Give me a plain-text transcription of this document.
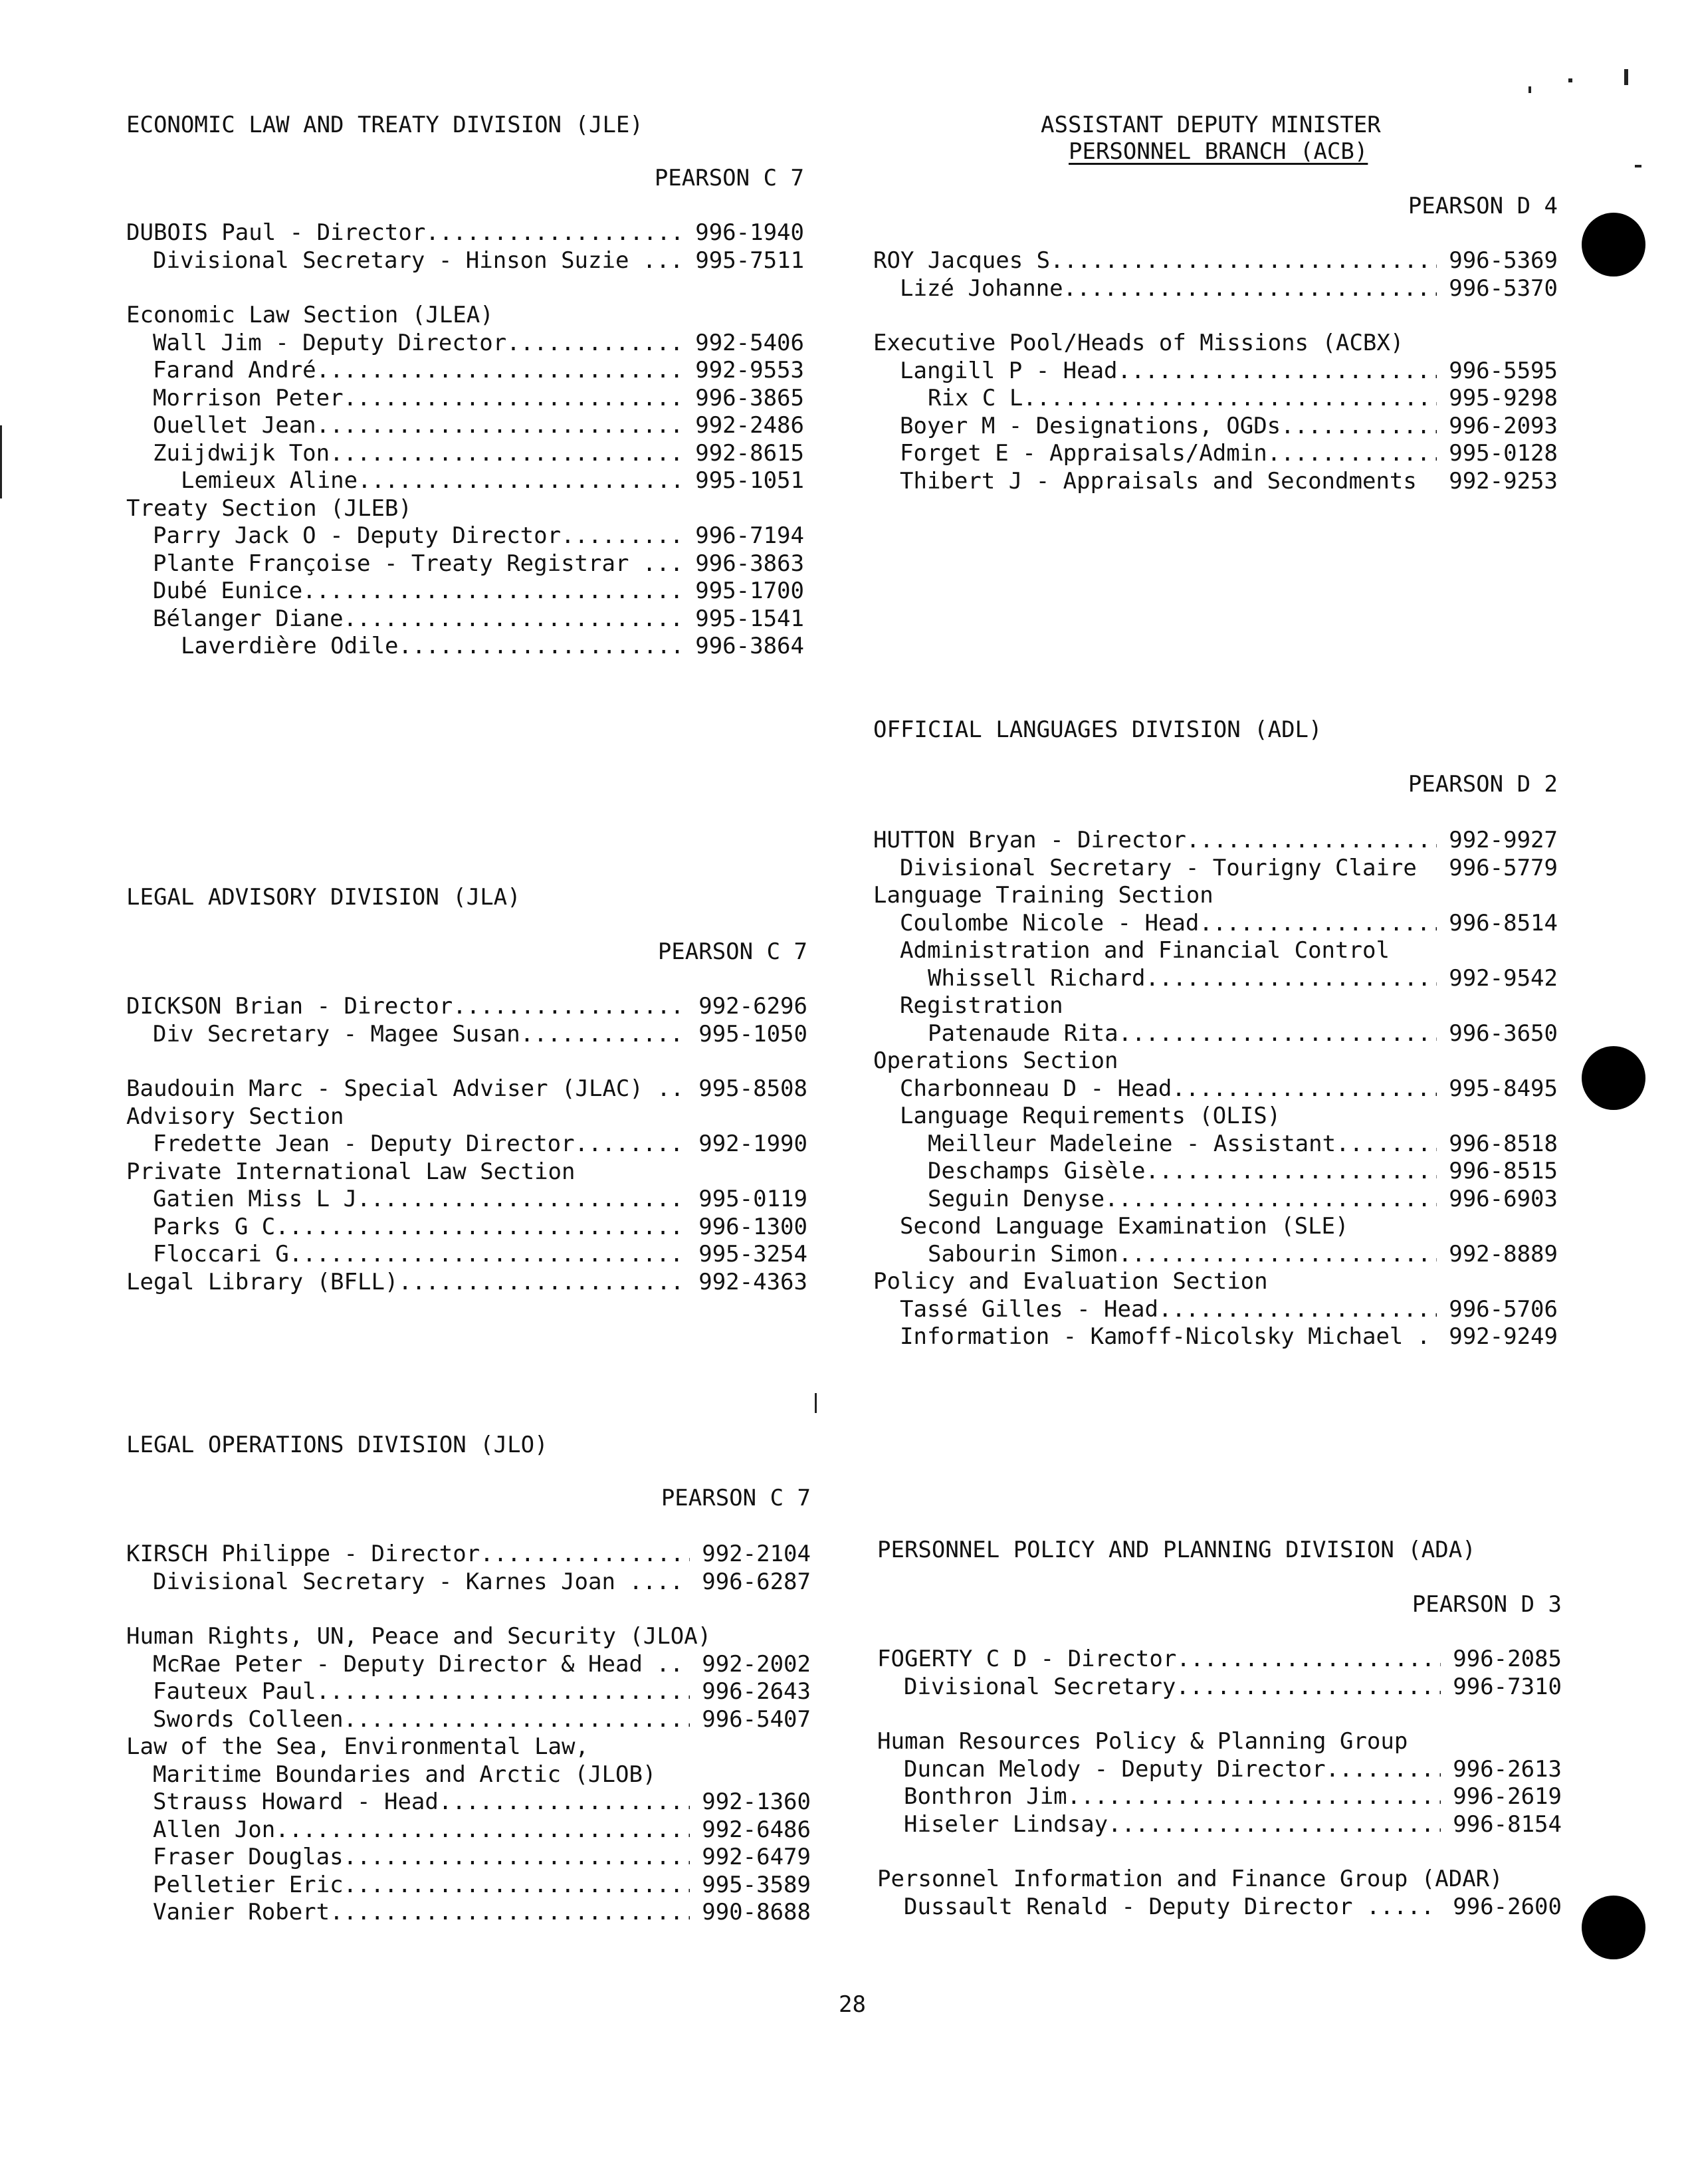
ECONOMIC LAW AND TREATY DIVISION (JLE)
PEARSON C 7
DUBOIS Paul - Director .....	996-1940
Divisional Secretary - Hinson Suzie ... 995-7511
Economic Law Section (JLEA)
Wall Jim - Deputy Director .....	992-5406
Farand André .....	992-9553
Morrison Peter .....	996-3865
Ouellet Jean .....	992-2486
Zuijdwijk Ton .....	992-8615
Lemieux Aline .....	995-1051
Treaty Section (JLEB)
Parry Jack O - Deputy Director .....	996-7194
Plante Françoise - Treaty Registrar ... 996-3863
Dubé Eunice .....	995-1700
Bélanger Diane .....	995-1541
Laverdière Odile .....	996-3864
LEGAL ADVISORY DIVISION (JLA)
PEARSON C 7
DICKSON Brian - Director .....	992-6296
Div Secretary - Magee Susan .....	995-1050
Baudouin Marc - Special Adviser (JLAC) .. 995-8508
Advisory Section
Fredette Jean - Deputy Director .....	992-1990
Private International Law Section
Gatien Miss L J .....	995-0119
Parks G C .....	996-1300
Floccari G .....	995-3254
Legal Library (BFLL) .....	992-4363
LEGAL OPERATIONS DIVISION (JLO)
PEARSON C 7
KIRSCH Philippe - Director .....	992-2104
Divisional Secretary - Karnes Joan .... 996-6287
Human Rights, UN, Peace and Security (JLOA)
McRae Peter - Deputy Director & Head .. 992-2002
Fauteux Paul .....	996-2643
Swords Colleen .....	996-5407
Law of the Sea, Environmental Law,
Maritime Boundaries and Arctic (JLOB)
Strauss Howard - Head .....	992-1360
Allen Jon .....	992-6486
Fraser Douglas .....	992-6479
Pelletier Eric .....	995-3589
Vanier Robert .....	990-8688
ASSISTANT DEPUTY MINISTER
PERSONNEL BRANCH (ACB)
PEARSON D 4
ROY Jacques S .....	996-5369
Lizé Johanne .....	996-5370
Executive Pool/Heads of Missions (ACBX)
Langill P - Head .....	996-5595
Rix C L .....	995-9298
Boyer M - Designations, OGDs .....	996-2093
Forget E - Appraisals/Admin .....	995-0128
Thibert J - Appraisals and Secondments	992-9253
OFFICIAL LANGUAGES DIVISION (ADL)
PEARSON D 2
HUTTON Bryan - Director .....	992-9927
Divisional Secretary - Tourigny Claire	996-5779
Language Training Section
Coulombe Nicole - Head .....	996-8514
Administration and Financial Control
Whissell Richard .....	992-9542
Registration
Patenaude Rita .....	996-3650
Operations Section
Charbonneau D - Head .....	995-8495
Language Requirements (OLIS)
Meilleur Madeleine - Assistant .....	996-8518
Deschamps Gisèle .....	996-8515
Seguin Denyse .....	996-6903
Second Language Examination (SLE)
Sabourin Simon .....	992-8889
Policy and Evaluation Section
Tassé Gilles - Head .....	996-5706
Information - Kamoff-Nicolsky Michael . 992-9249
PERSONNEL POLICY AND PLANNING DIVISION (ADA)
PEARSON D 3
FOGERTY C D - Director .....	996-2085
Divisional Secretary .....	996-7310
Human Resources Policy & Planning Group
Duncan Melody - Deputy Director .....	996-2613
Bonthron Jim .....	996-2619
Hiseler Lindsay .....	996-8154
Personnel Information and Finance Group (ADAR)
Dussault Renald - Deputy Director ..... 996-2600
28
